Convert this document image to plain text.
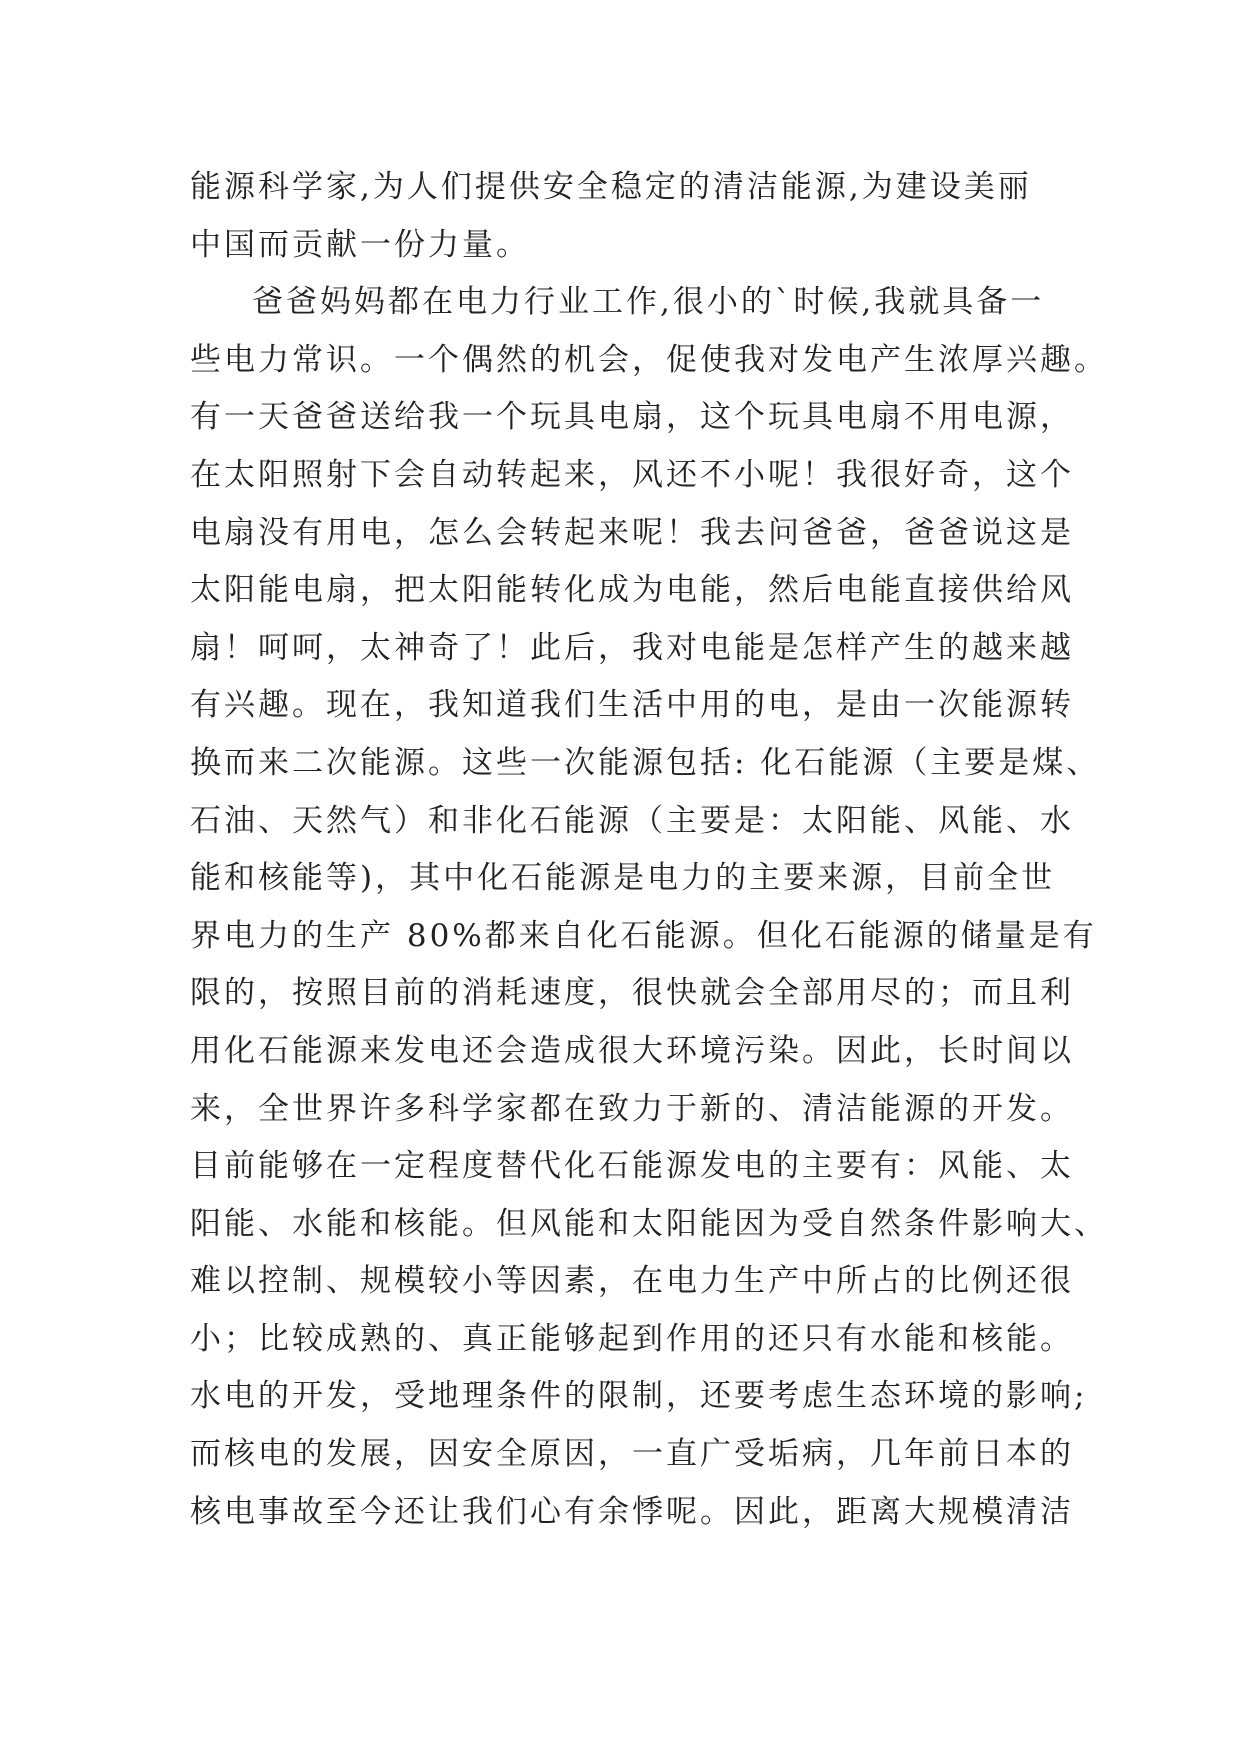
能源科学家,为人们提供安全稳定的清洁能源,为建设美丽
中国而贡献一份力量。
爸爸妈妈都在电力行业工作,很小的`时候,我就具备一
些电力常识。一个偶然的机会，促使我对发电产生浓厚兴趣。
有一天爸爸送给我一个玩具电扇，这个玩具电扇不用电源，
在太阳照射下会自动转起来，风还不小呢！我很好奇，这个
电扇没有用电，怎么会转起来呢！我去问爸爸，爸爸说这是
太阳能电扇，把太阳能转化成为电能，然后电能直接供给风
扇！呵呵，太神奇了！此后，我对电能是怎样产生的越来越
有兴趣。现在，我知道我们生活中用的电，是由一次能源转
换而来二次能源。这些一次能源包括: 化石能源（主要是煤、
石油、天然气）和非化石能源（主要是：太阳能、风能、水
能和核能等)，其中化石能源是电力的主要来源，目前全世
界电力的生产 80%都来自化石能源。但化石能源的储量是有
限的，按照目前的消耗速度，很快就会全部用尽的；而且利
用化石能源来发电还会造成很大环境污染。因此，长时间以
来，全世界许多科学家都在致力于新的、清洁能源的开发。
目前能够在一定程度替代化石能源发电的主要有：风能、太
阳能、水能和核能。但风能和太阳能因为受自然条件影响大、
难以控制、规模较小等因素，在电力生产中所占的比例还很
小；比较成熟的、真正能够起到作用的还只有水能和核能。
水电的开发，受地理条件的限制，还要考虑生态环境的影响;
而核电的发展，因安全原因，一直广受垢病，几年前日本的
核电事故至今还让我们心有余悸呢。因此，距离大规模清洁
